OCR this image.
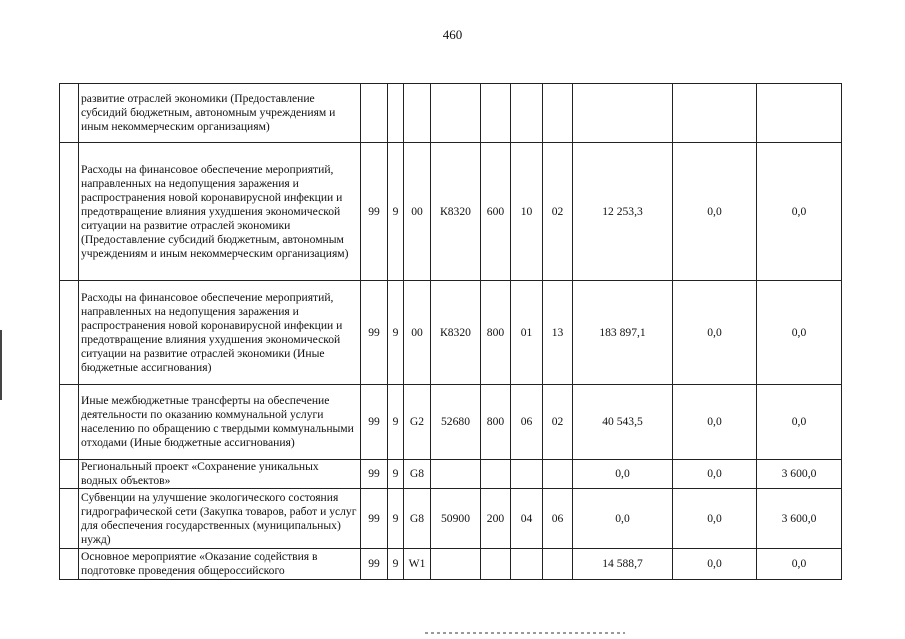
460
	развитие отраслей экономики (Предоставление субсидий бюджетным, автономным учреждениям и иным некоммерческим организациям)										
	Расходы на финансовое обеспечение мероприятий, направленных на недопущения заражения и распространения новой коронавирусной инфекции и предотвращение влияния ухудшения экономической ситуации на развитие отраслей экономики (Предоставление субсидий бюджетным, автономным учреждениям и иным некоммерческим организациям)	99	9	00	К8320	600	10	02	12 253,3	0,0	0,0
	Расходы на финансовое обеспечение мероприятий, направленных на недопущения заражения и распространения новой коронавирусной инфекции и предотвращение влияния ухудшения экономической ситуации на развитие отраслей экономики (Иные бюджетные ассигнования)	99	9	00	К8320	800	01	13	183 897,1	0,0	0,0
	Иные межбюджетные трансферты на обеспечение деятельности по оказанию коммунальной услуги населению по обращению с твердыми коммунальными отходами (Иные бюджетные ассигнования)	99	9	G2	52680	800	06	02	40 543,5	0,0	0,0
	Региональный проект «Сохранение уникальных водных объектов»	99	9	G8					0,0	0,0	3 600,0
	Субвенции на улучшение экологического состояния гидрографической сети (Закупка товаров, работ и услуг для обеспечения государственных (муниципальных) нужд)	99	9	G8	50900	200	04	06	0,0	0,0	3 600,0
	Основное мероприятие «Оказание содействия в подготовке проведения общероссийского	99	9	W1					14 588,7	0,0	0,0
